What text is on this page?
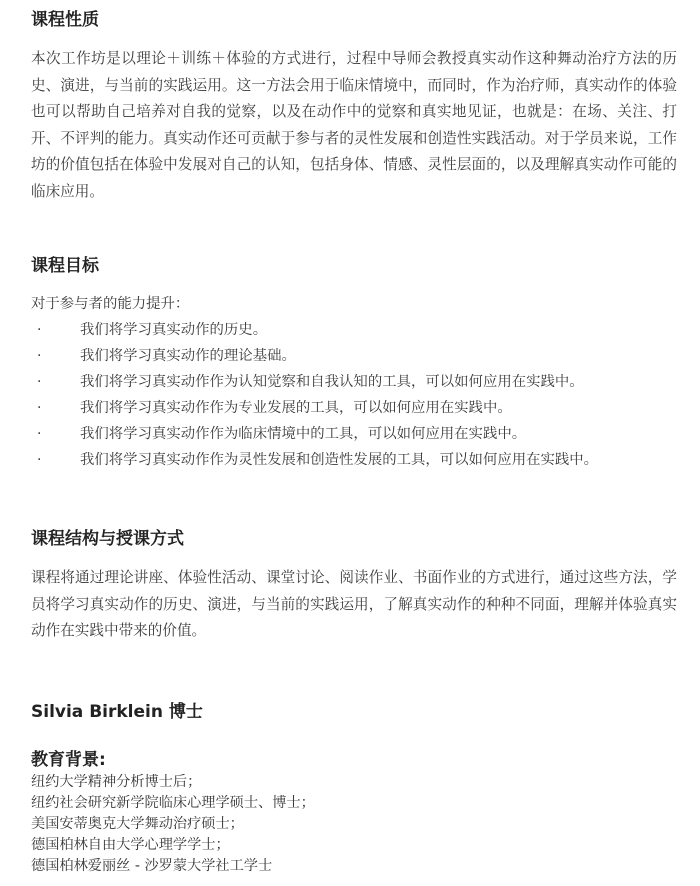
课程性质
本次工作坊是以理论＋训练＋体验的方式进行，过程中导师会教授真实动作这种舞动治疗方法的历史、演进，与当前的实践运用。这一方法会用于临床情境中，而同时，作为治疗师，真实动作的体验也可以帮助自己培养对自我的觉察，以及在动作中的觉察和真实地见证，也就是：在场、关注、打开、不评判的能力。真实动作还可贡献于参与者的灵性发展和创造性实践活动。对于学员来说，工作坊的价值包括在体验中发展对自己的认知，包括身体、情感、灵性层面的，以及理解真实动作可能的临床应用。
课程目标
对于参与者的能力提升：
·	我们将学习真实动作的历史。
·	我们将学习真实动作的理论基础。
·	我们将学习真实动作作为认知觉察和自我认知的工具，可以如何应用在实践中。
·	我们将学习真实动作作为专业发展的工具，可以如何应用在实践中。
·	我们将学习真实动作作为临床情境中的工具，可以如何应用在实践中。
·	我们将学习真实动作作为灵性发展和创造性发展的工具，可以如何应用在实践中。
课程结构与授课方式
课程将通过理论讲座、体验性活动、课堂讨论、阅读作业、书面作业的方式进行，通过这些方法，学员将学习真实动作的历史、演进，与当前的实践运用，了解真实动作的种种不同面，理解并体验真实动作在实践中带来的价值。
Silvia Birklein 博士
教育背景:
纽约大学精神分析博士后；
纽约社会研究新学院临床心理学硕士、博士；
美国安蒂奥克大学舞动治疗硕士；
德国柏林自由大学心理学学士；
德国柏林爱丽丝 - 沙罗蒙大学社工学士
